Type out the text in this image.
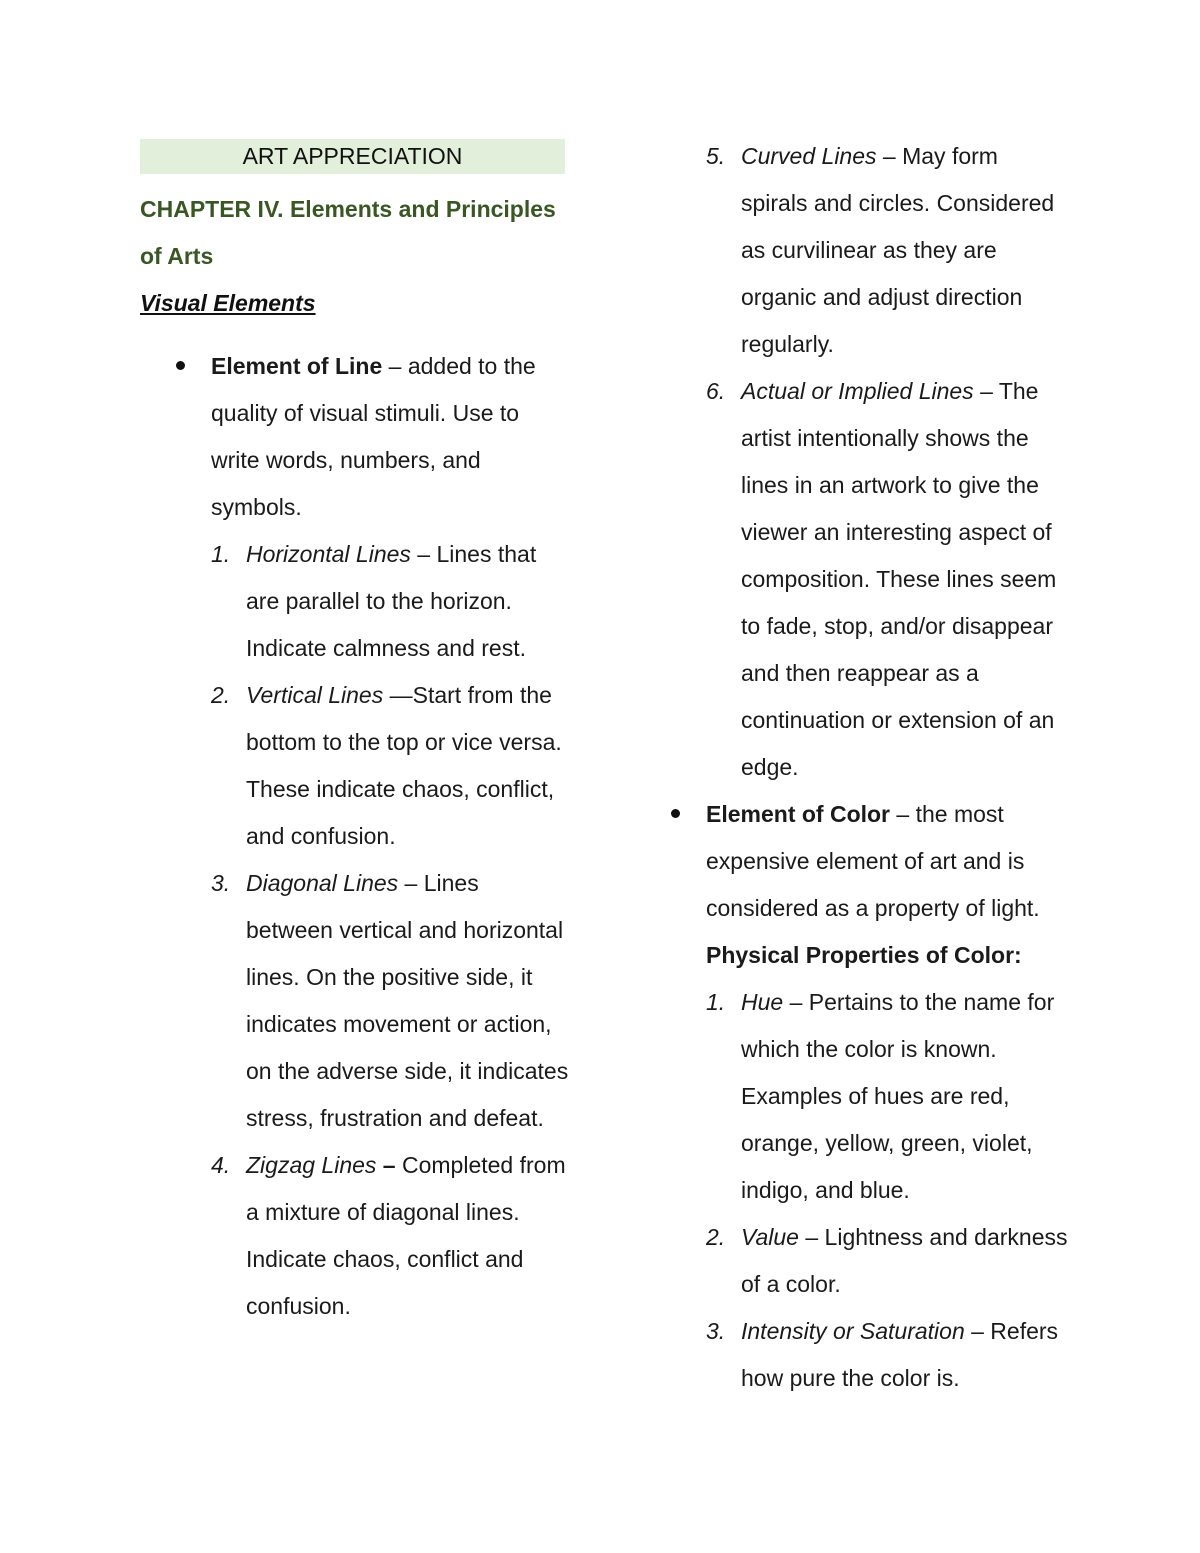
ART APPRECIATION
CHAPTER IV. Elements and Principles
of Arts
Visual Elements
Element of Line – added to the quality of visual stimuli. Use to write words, numbers, and symbols.
1. Horizontal Lines – Lines that are parallel to the horizon. Indicate calmness and rest.
2. Vertical Lines —Start from the bottom to the top or vice versa. These indicate chaos, conflict, and confusion.
3. Diagonal Lines – Lines between vertical and horizontal lines. On the positive side, it indicates movement or action, on the adverse side, it indicates stress, frustration and defeat.
4. Zigzag Lines – Completed from a mixture of diagonal lines. Indicate chaos, conflict and confusion.
5. Curved Lines – May form spirals and circles. Considered as curvilinear as they are organic and adjust direction regularly.
6. Actual or Implied Lines – The artist intentionally shows the lines in an artwork to give the viewer an interesting aspect of composition. These lines seem to fade, stop, and/or disappear and then reappear as a continuation or extension of an edge.
Element of Color – the most expensive element of art and is considered as a property of light.
Physical Properties of Color:
1. Hue – Pertains to the name for which the color is known. Examples of hues are red, orange, yellow, green, violet, indigo, and blue.
2. Value – Lightness and darkness of a color.
3. Intensity or Saturation – Refers how pure the color is.
